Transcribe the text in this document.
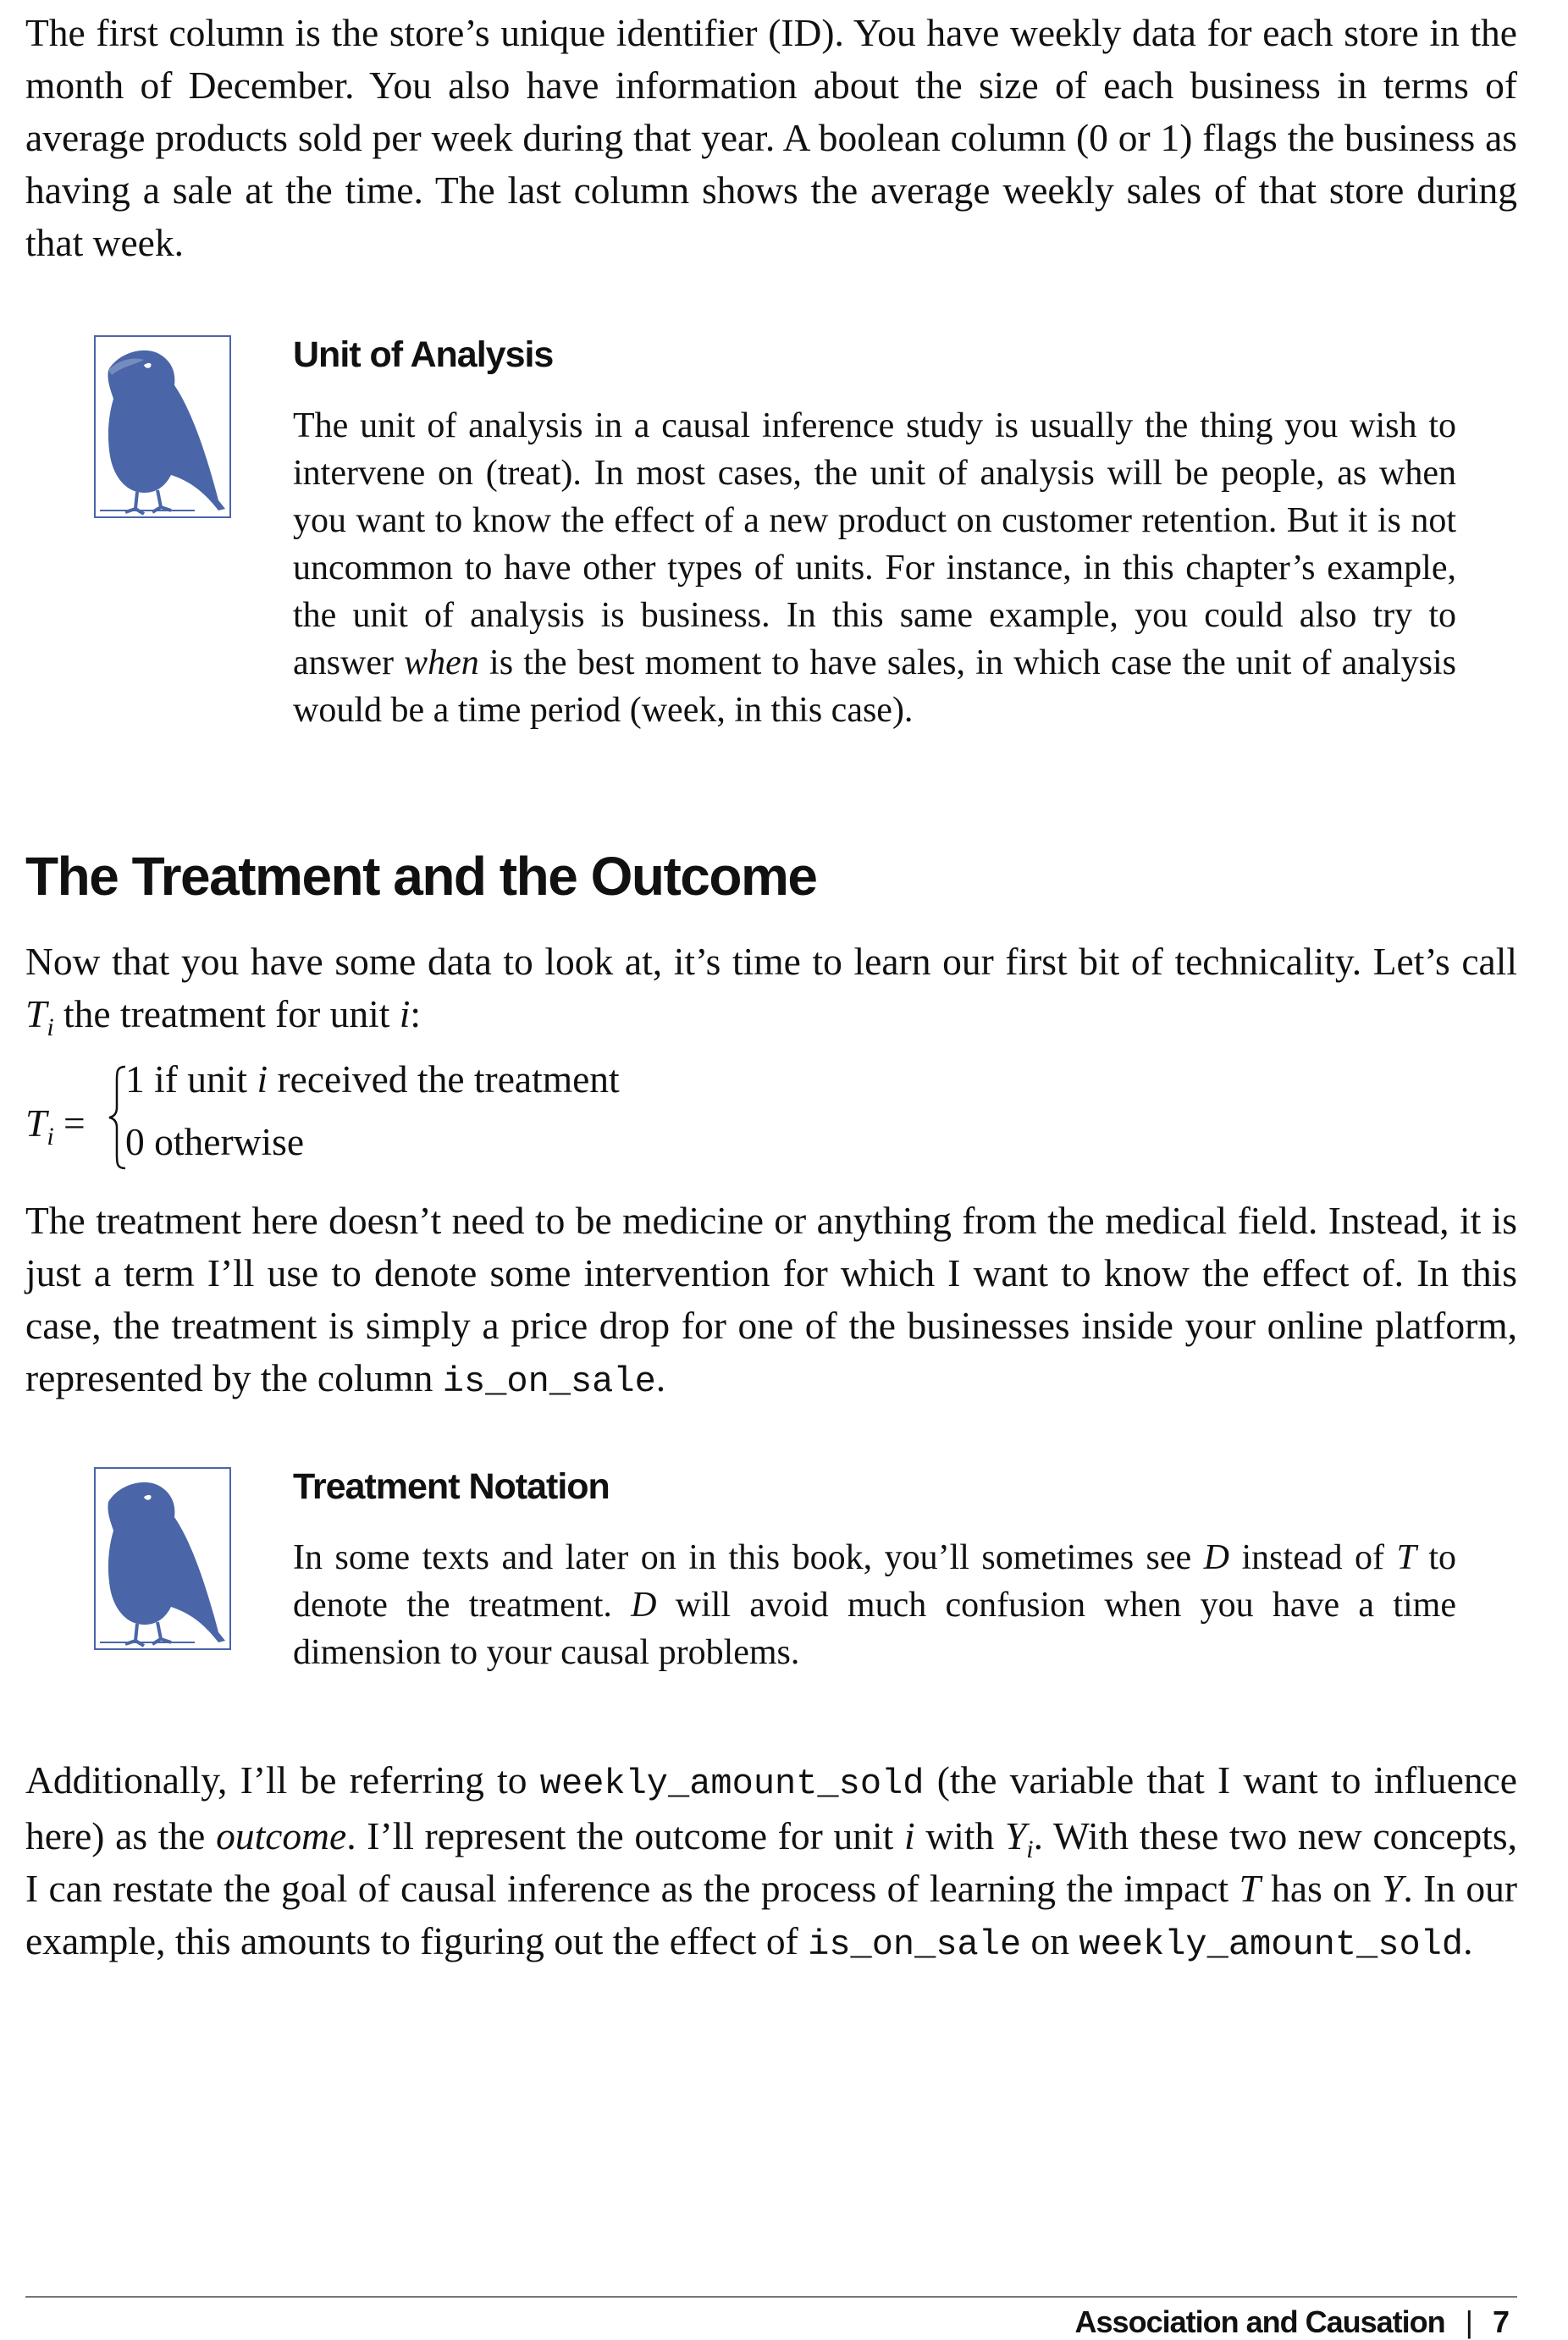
The first column is the store’s unique identifier (ID). You have weekly data for each store in the month of December. You also have information about the size of each business in terms of average products sold per week during that year. A boolean column (0 or 1) flags the business as having a sale at the time. The last column shows the average weekly sales of that store during that week.

Unit of Analysis

The unit of analysis in a causal inference study is usually the thing you wish to intervene on (treat). In most cases, the unit of analysis will be people, as when you want to know the effect of a new product on customer retention. But it is not uncommon to have other types of units. For instance, in this chapter’s example, the unit of analysis is business. In this same example, you could also try to answer when is the best moment to have sales, in which case the unit of analysis would be a time period (week, in this case).

The Treatment and the Outcome

Now that you have some data to look at, it’s time to learn our first bit of technicality. Let’s call $T_i$ the treatment for unit i:

$T_i$ =
1 if unit i received the treatment
0 otherwise

The treatment here doesn’t need to be medicine or anything from the medical field. Instead, it is just a term I’ll use to denote some intervention for which I want to know the effect of. In this case, the treatment is simply a price drop for one of the businesses inside your online platform, represented by the column is_on_sale.

Treatment Notation

In some texts and later on in this book, you’ll sometimes see D instead of T to denote the treatment. D will avoid much confusion when you have a time dimension to your causal problems.

Additionally, I’ll be referring to weekly_amount_sold (the variable that I want to influence here) as the outcome. I’ll represent the outcome for unit i with $Y_i$. With these two new concepts, I can restate the goal of causal inference as the process of learning the impact T has on Y. In our example, this amounts to figuring out the effect of is_on_sale on weekly_amount_sold.

Association and Causation | 7
